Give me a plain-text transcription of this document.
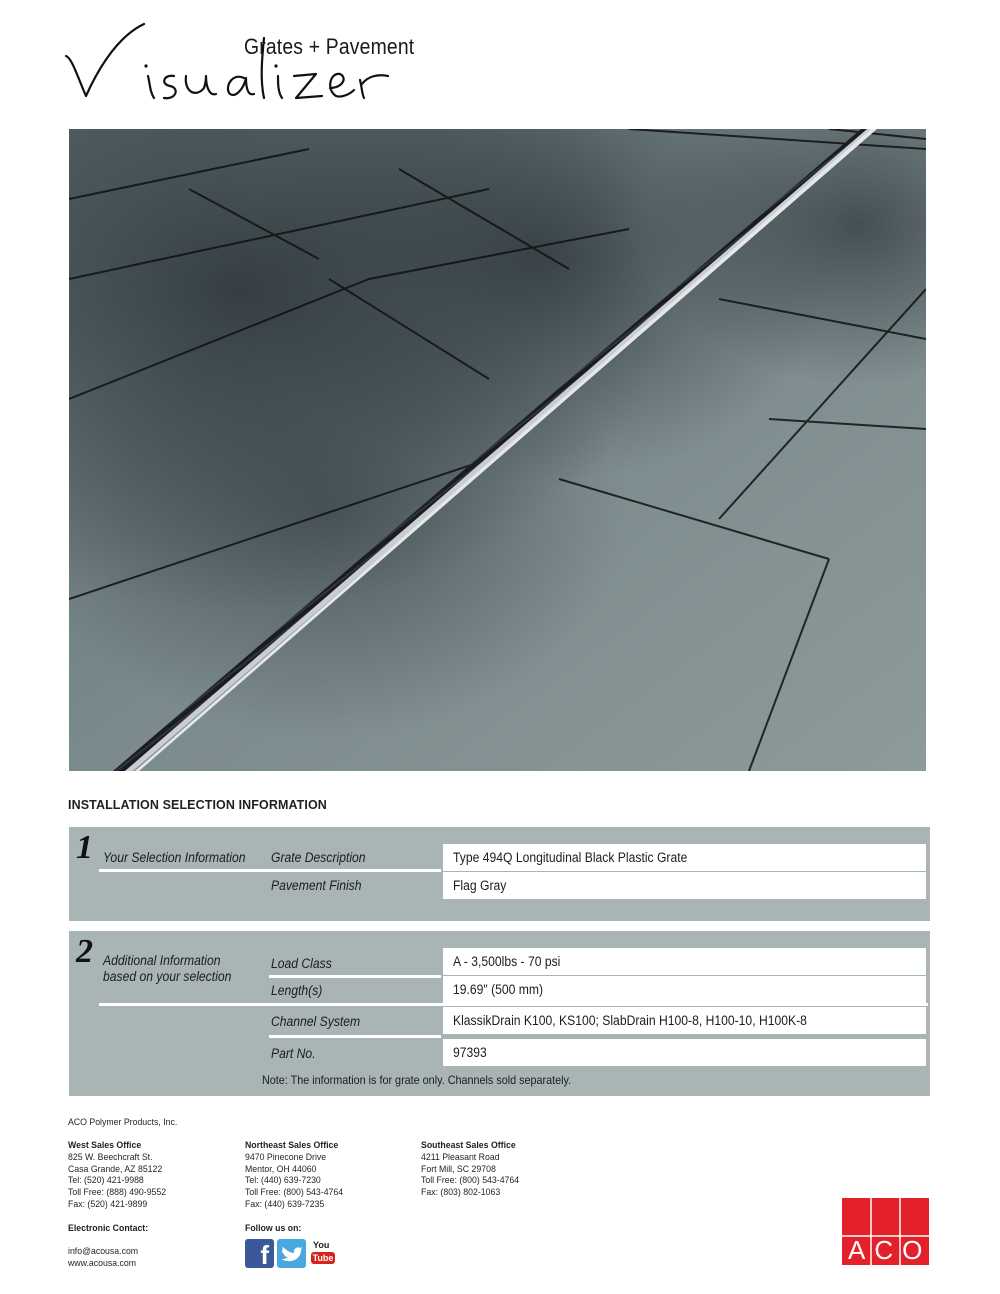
Grates + Pavement
INSTALLATION SELECTION INFORMATION
1 Your Selection Information Grate Description	Type 494Q Longitudinal Black Plastic Grate
Pavement Finish	Flag Gray
2 Additional Information
based on your selection
Load Class	A - 3,500lbs - 70 psi
Length(s)	19.69" (500 mm)
Channel System	KlassikDrain K100, KS100; SlabDrain H100-8, H100-10, H100K-8
Part No.	97393
Note: The information is for grate only. Channels sold separately.
ACO Polymer Products, Inc.
West Sales Office
825 W. Beechcraft St.
Casa Grande, AZ 85122
Tel: (520) 421-9988
Toll Free: (888) 490-9552
Fax: (520) 421-9899
Northeast Sales Office
9470 Pinecone Drive
Mentor, OH 44060
Tel: (440) 639-7230
Toll Free: (800) 543-4764
Fax: (440) 639-7235
Southeast Sales Office
4211 Pleasant Road
Fort Mill, SC 29708
Toll Free: (800) 543-4764
Fax: (803) 802-1063
Electronic Contact:
info@acousa.com
www.acousa.com
Follow us on:
f	You
Tube	ACO
